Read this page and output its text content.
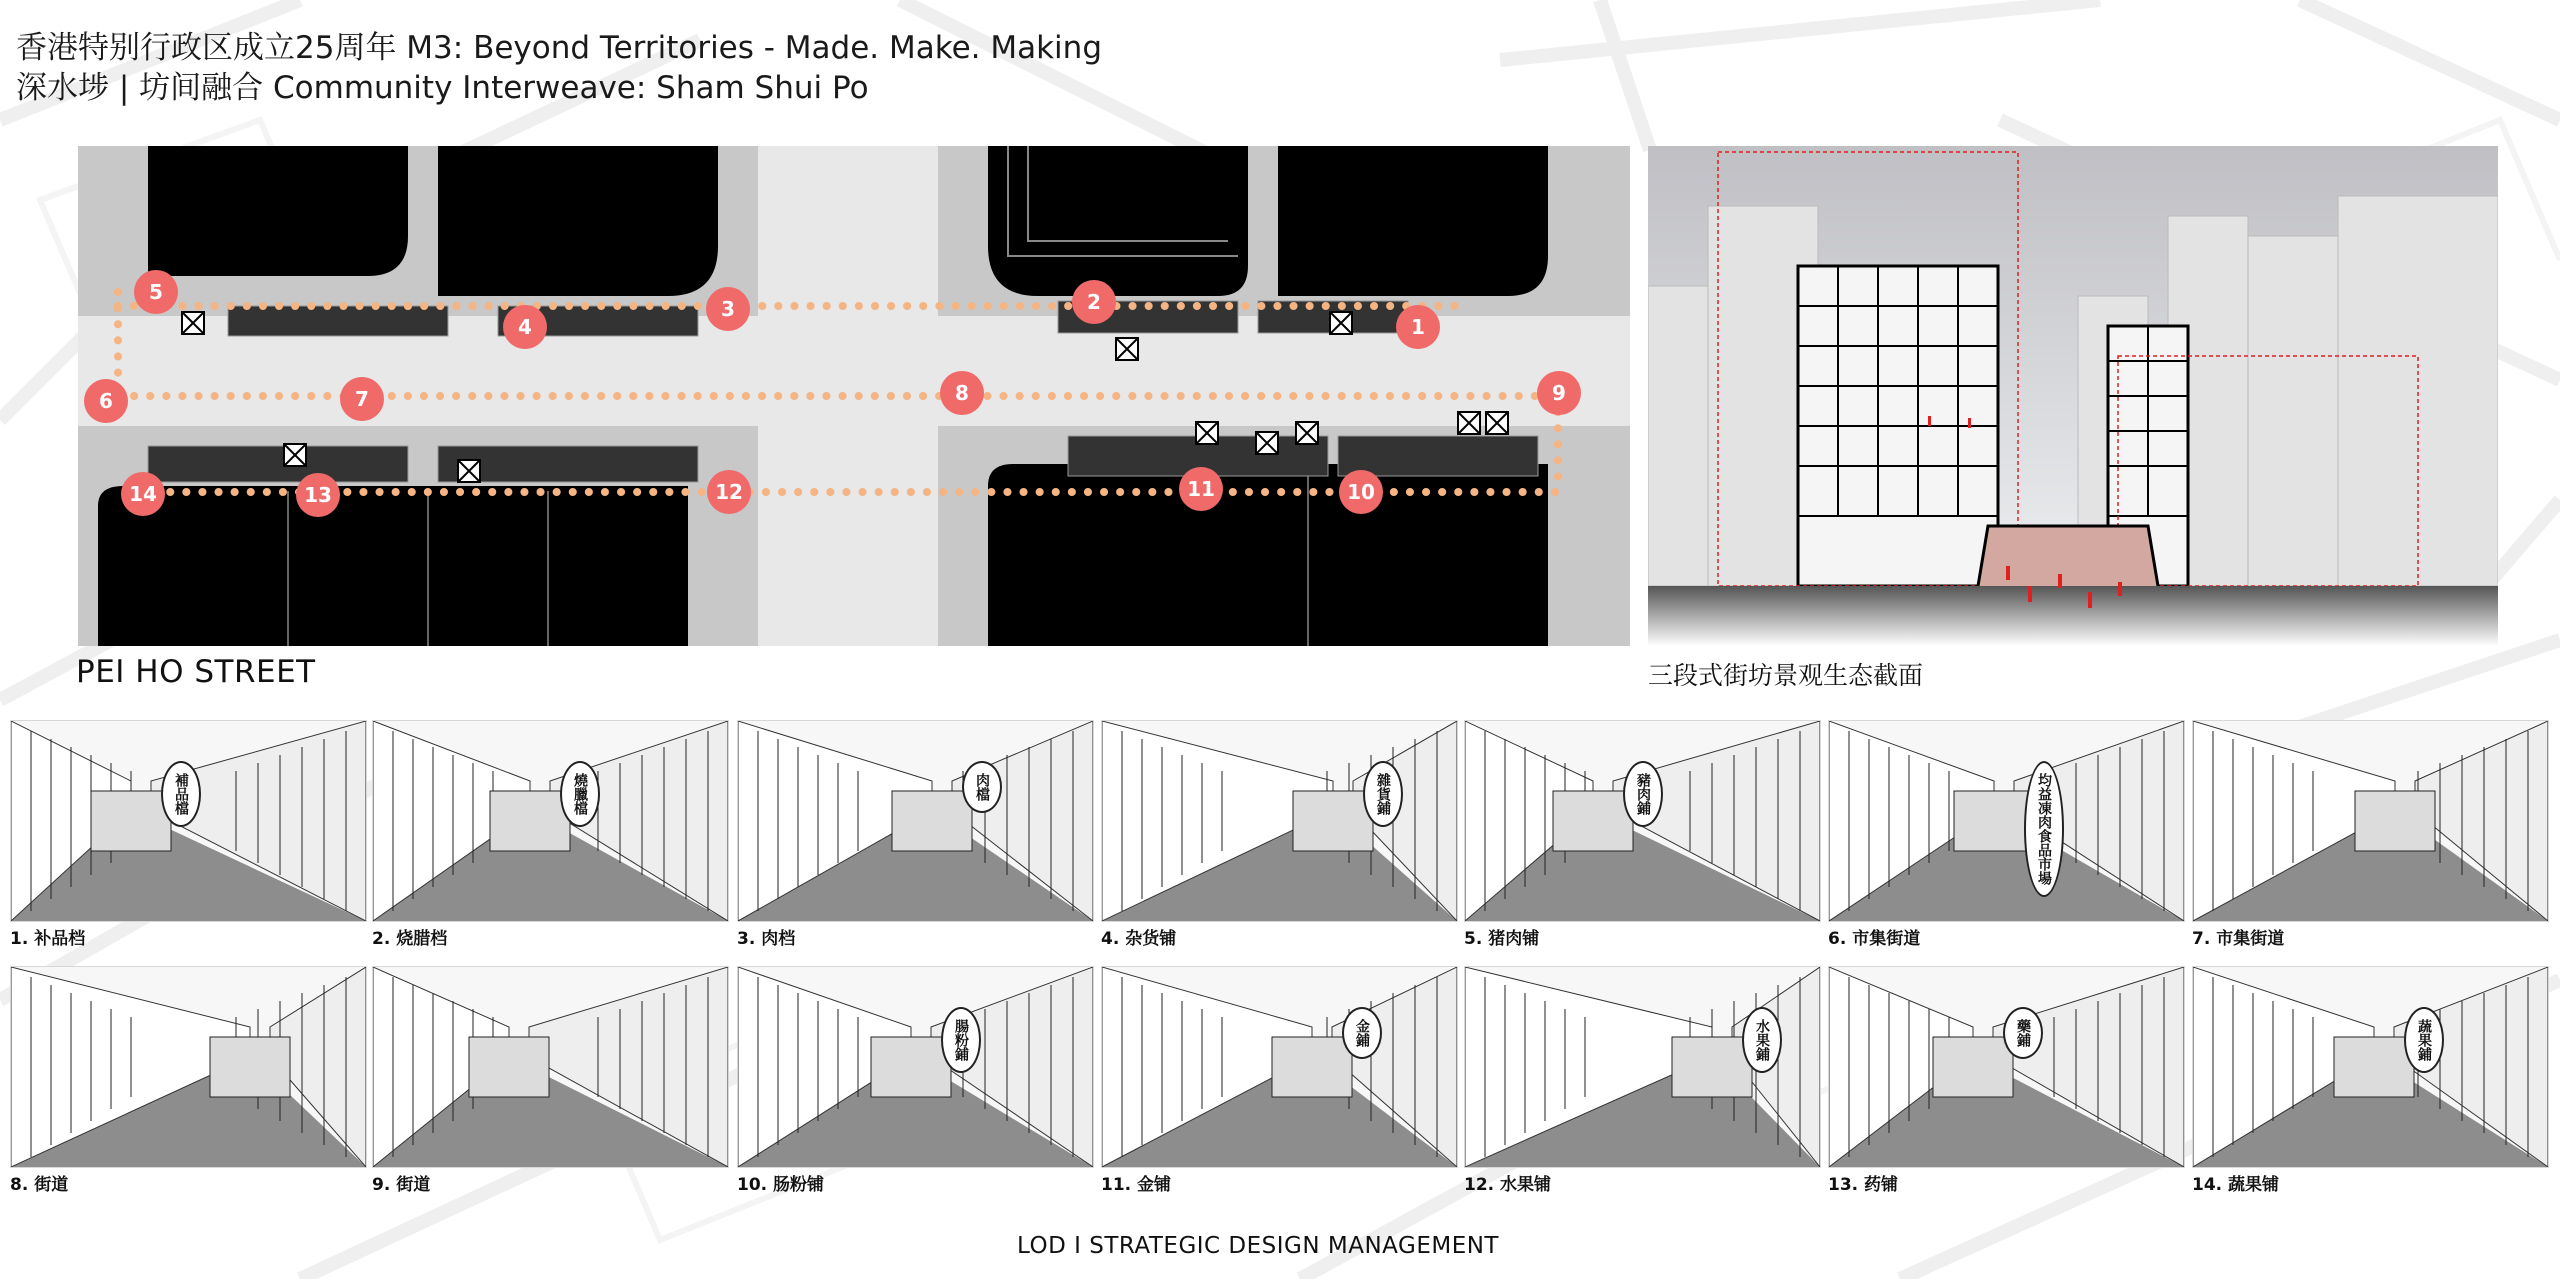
香港特别行政区成立25周年 M3: Beyond Territories - Made. Make. Making
深水埗 | 坊间融合 Community Interweave: Sham Shui Po
1
2
3
4
5
6	7	8	9
10
11
12
13
14
PEI HO STREET	三段式街坊景观生态截面
補品檔
1. 补品档
燒臘檔
2. 烧腊档
肉檔
3. 肉档
雜貨鋪
4. 杂货铺
豬肉鋪
5. 猪肉铺
均益凍肉食品市場
6. 市集街道	7. 市集街道
8. 街道	9. 街道
腸粉鋪
10. 肠粉铺
金鋪
11. 金铺
水果鋪
12. 水果铺
藥鋪
13. 药铺
蔬果鋪
14. 蔬果铺
LOD I STRATEGIC DESIGN MANAGEMENT
